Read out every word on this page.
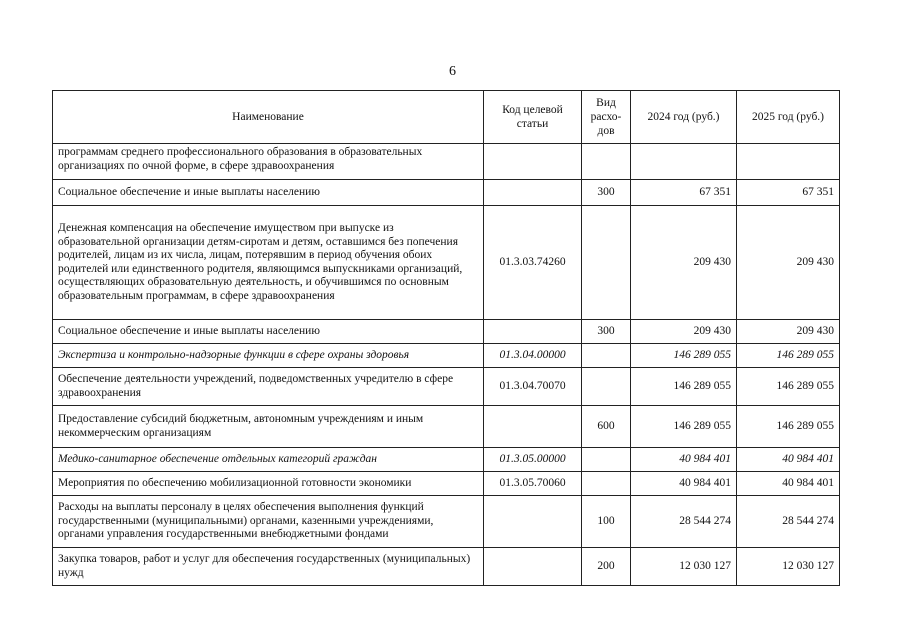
6
Наименование	Код целевой статьи	Вид расхо-дов	2024 год (руб.)	2025 год (руб.)
программам среднего профессионального образования в образовательных организациях по очной форме, в сфере здравоохранения				
Социальное обеспечение и иные выплаты населению		300	67 351	67 351
Денежная компенсация на обеспечение имуществом при выпуске из образовательной организации детям-сиротам и детям, оставшимся без попечения родителей, лицам из их числа, лицам, потерявшим в период обучения обоих родителей или единственного родителя, являющимся выпускниками организаций, осуществляющих образовательную деятельность, и обучившимся по основным образовательным программам, в сфере здравоохранения	01.3.03.74260		209 430	209 430
Социальное обеспечение и иные выплаты населению		300	209 430	209 430
Экспертиза и контрольно-надзорные функции в сфере охраны здоровья	01.3.04.00000		146 289 055	146 289 055
Обеспечение деятельности учреждений, подведомственных учредителю в сфере здравоохранения	01.3.04.70070		146 289 055	146 289 055
Предоставление субсидий бюджетным, автономным учреждениям и иным некоммерческим организациям		600	146 289 055	146 289 055
Медико-санитарное обеспечение отдельных категорий граждан	01.3.05.00000		40 984 401	40 984 401
Мероприятия по обеспечению мобилизационной готовности экономики	01.3.05.70060		40 984 401	40 984 401
Расходы на выплаты персоналу в целях обеспечения выполнения функций государственными (муниципальными) органами, казенными учреждениями, органами управления государственными внебюджетными фондами		100	28 544 274	28 544 274
Закупка товаров, работ и услуг для обеспечения государственных (муниципальных) нужд		200	12 030 127	12 030 127
